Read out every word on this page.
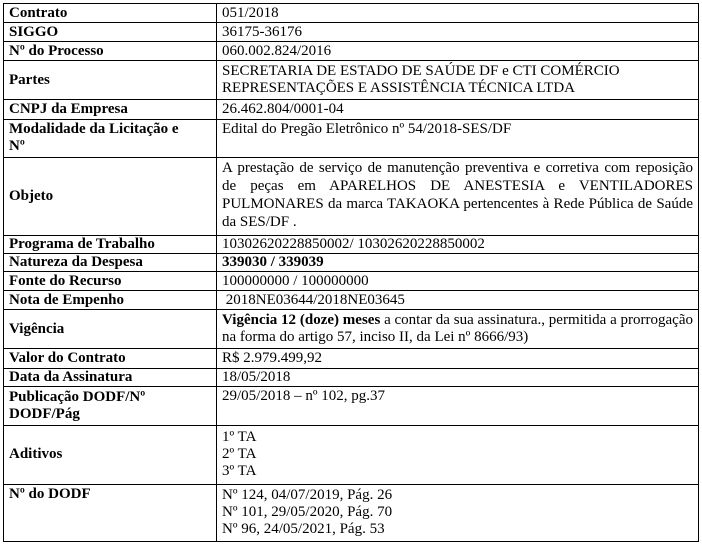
Contrato	051/2018
SIGGO	36175-36176
Nº do Processo	060.002.824/2016
Partes	SECRETARIA DE ESTADO DE SAÚDE DF e CTI COMÉRCIO
REPRESENTAÇÕES E ASSISTÊNCIA TÉCNICA LTDA

CNPJ da Empresa	26.462.804/0001-04

Modalidade da Licitação e
Nº	Edital do Pregão Eletrônico nº 54/2018-SES/DF
Objeto	A prestação de serviço de manutenção preventiva e corretiva com reposição de peças em APARELHOS DE ANESTESIA e VENTILADORES PULMONARES da marca TAKAOKA pertencentes à Rede Pública de Saúde da SES/DF .
Programa de Trabalho	10302620228850002/ 10302620228850002
Natureza da Despesa	339030 / 339039
Fonte do Recurso	100000000 / 100000000
Nota de Empenho	2018NE03644/2018NE03645
Vigência	Vigência 12 (doze) meses a contar da sua assinatura., permitida a prorrogação na forma do artigo 57, inciso II, da Lei nº 8666/93)
Valor do Contrato	R$ 2.979.499,92
Data da Assinatura	18/05/2018

Publicação DODF/Nº
DODF/Pág	29/05/2018 – nº 102, pg.37
Aditivos	1º TA
2º TA
3º TA

Nº do DODF	Nº 124, 04/07/2019, Pág. 26
Nº 101, 29/05/2020, Pág. 70
Nº 96, 24/05/2021, Pág. 53
